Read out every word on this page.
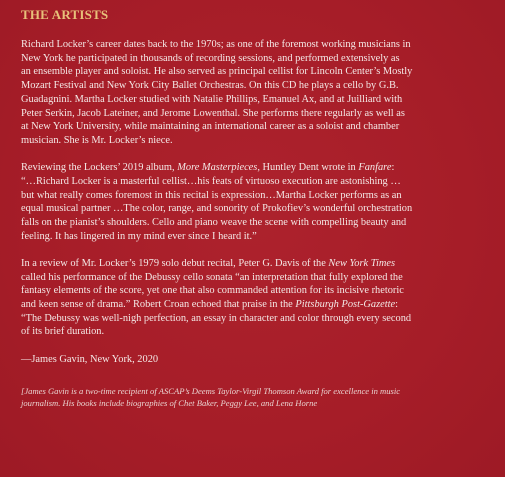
THE ARTISTS

Richard Locker’s career dates back to the 1970s; as one of the foremost working musicians in
New York he participated in thousands of recording sessions, and performed extensively as
an ensemble player and soloist. He also served as principal cellist for Lincoln Center’s Mostly
Mozart Festival and New York City Ballet Orchestras. On this CD he plays a cello by G.B.
Guadagnini. Martha Locker studied with Natalie Phillips, Emanuel Ax, and at Juilliard with
Peter Serkin, Jacob Lateiner, and Jerome Lowenthal. She performs there regularly as well as
at New York University, while maintaining an international career as a soloist and chamber
musician. She is Mr. Locker’s niece.

Reviewing the Lockers’ 2019 album, More Masterpieces, Huntley Dent wrote in Fanfare:
“…Richard Locker is a masterful cellist…his feats of virtuoso execution are astonishing …
but what really comes foremost in this recital is expression…Martha Locker performs as an
equal musical partner …The color, range, and sonority of Prokofiev’s wonderful orchestration
falls on the pianist’s shoulders. Cello and piano weave the scene with compelling beauty and
feeling. It has lingered in my mind ever since I heard it.”

In a review of Mr. Locker’s 1979 solo debut recital, Peter G. Davis of the New York Times
called his performance of the Debussy cello sonata “an interpretation that fully explored the
fantasy elements of the score, yet one that also commanded attention for its incisive rhetoric
and keen sense of drama.” Robert Croan echoed that praise in the Pittsburgh Post-Gazette:
“The Debussy was well-nigh perfection, an essay in character and color through every second
of its brief duration.

—James Gavin, New York, 2020

[James Gavin is a two-time recipient of ASCAP’s Deems Taylor-Virgil Thomson Award for excellence in music
journalism. His books include biographies of Chet Baker, Peggy Lee, and Lena Horne
